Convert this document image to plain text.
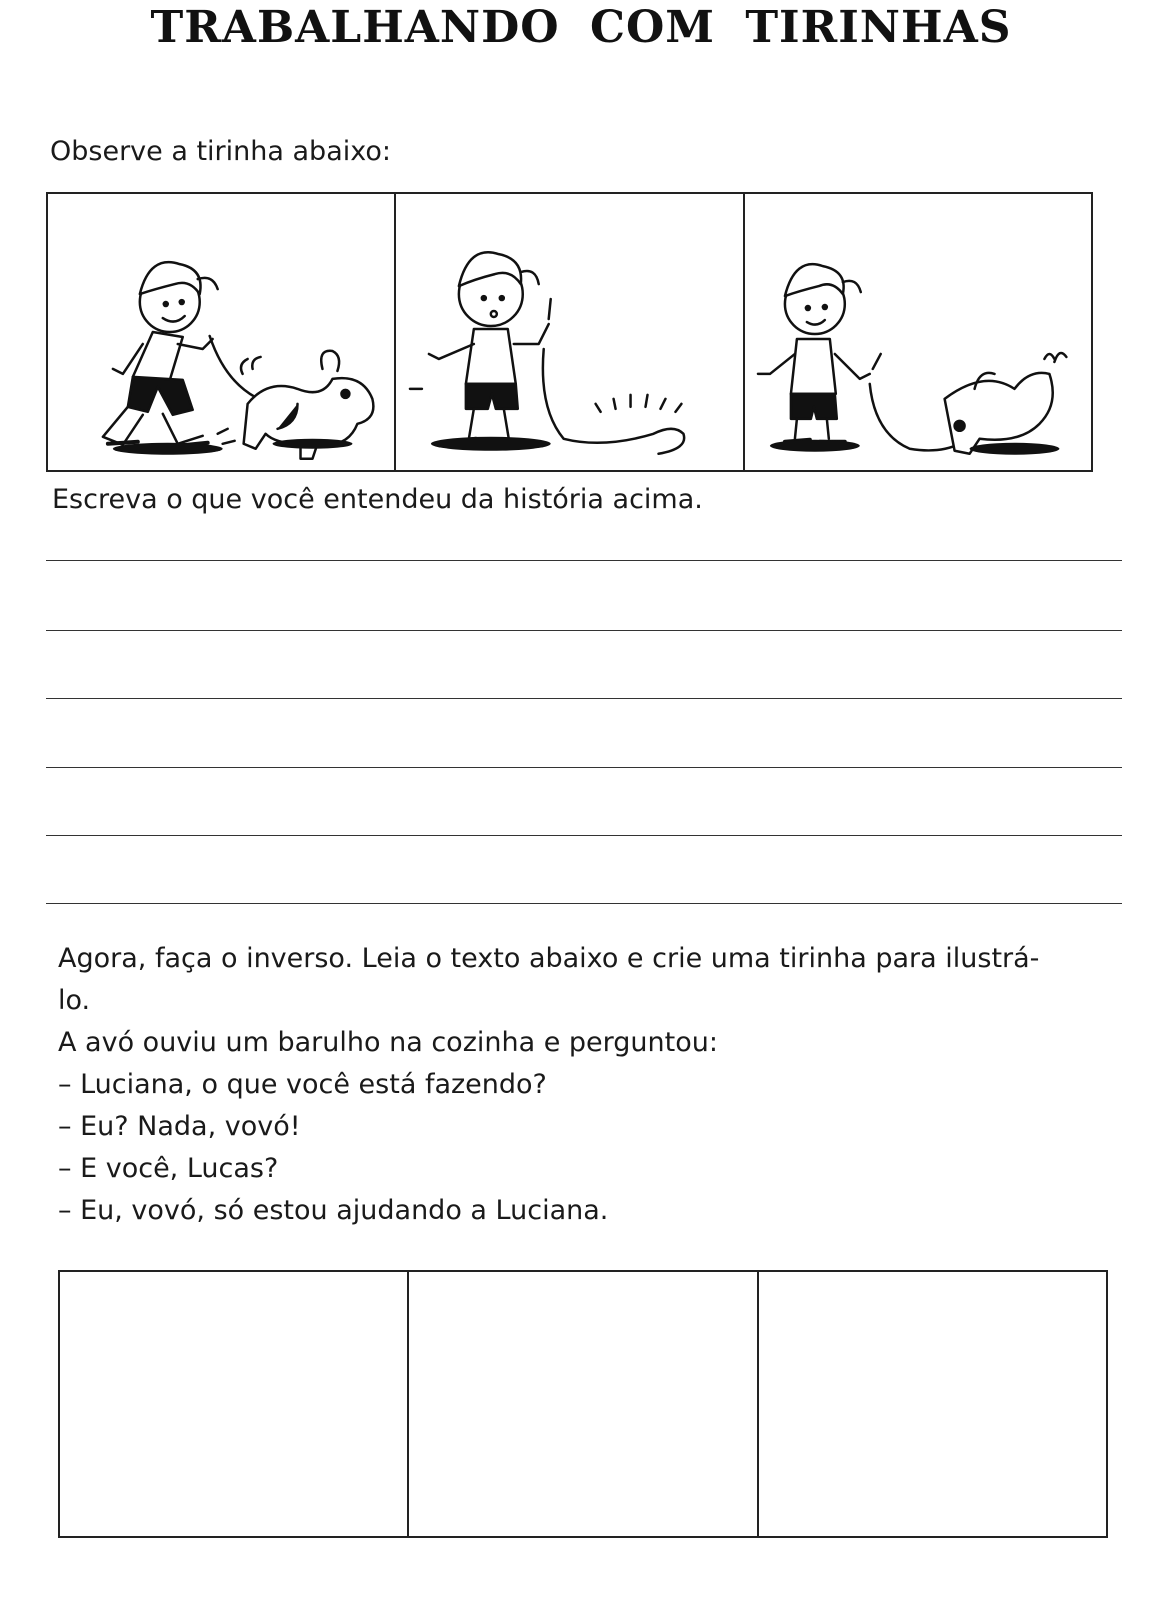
TRABALHANDO COM TIRINHAS
Observe a tirinha abaixo:
Escreva o que você entendeu da história acima.
Agora, faça o inverso. Leia o texto abaixo e crie uma tirinha para ilustrá-
lo.
A avó ouviu um barulho na cozinha e perguntou:
– Luciana, o que você está fazendo?
– Eu? Nada, vovó!
– E você, Lucas?
– Eu, vovó, só estou ajudando a Luciana.
